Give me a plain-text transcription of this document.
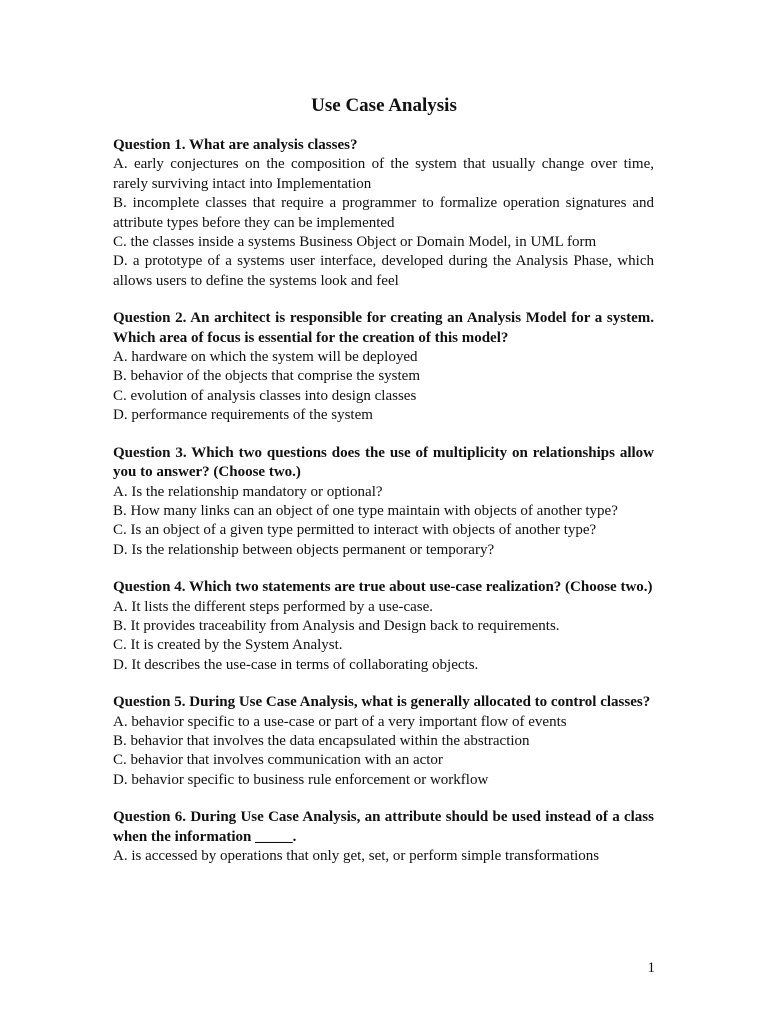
Use Case Analysis
Question 1. What are analysis classes?
A. early conjectures on the composition of the system that usually change over time, rarely surviving intact into Implementation
B. incomplete classes that require a programmer to formalize operation signatures and attribute types before they can be implemented
C. the classes inside a systems Business Object or Domain Model, in UML form
D. a prototype of a systems user interface, developed during the Analysis Phase, which allows users to define the systems look and feel
Question 2. An architect is responsible for creating an Analysis Model for a system. Which area of focus is essential for the creation of this model?
A. hardware on which the system will be deployed
B. behavior of the objects that comprise the system
C. evolution of analysis classes into design classes
D. performance requirements of the system
Question 3. Which two questions does the use of multiplicity on relationships allow you to answer? (Choose two.)
A. Is the relationship mandatory or optional?
B. How many links can an object of one type maintain with objects of another type?
C. Is an object of a given type permitted to interact with objects of another type?
D. Is the relationship between objects permanent or temporary?
Question 4. Which two statements are true about use-case realization? (Choose two.)
A. It lists the different steps performed by a use-case.
B. It provides traceability from Analysis and Design back to requirements.
C. It is created by the System Analyst.
D. It describes the use-case in terms of collaborating objects.
Question 5. During Use Case Analysis, what is generally allocated to control classes?
A. behavior specific to a use-case or part of a very important flow of events
B. behavior that involves the data encapsulated within the abstraction
C. behavior that involves communication with an actor
D. behavior specific to business rule enforcement or workflow
Question 6. During Use Case Analysis, an attribute should be used instead of a class when the information _____.
A. is accessed by operations that only get, set, or perform simple transformations
1
